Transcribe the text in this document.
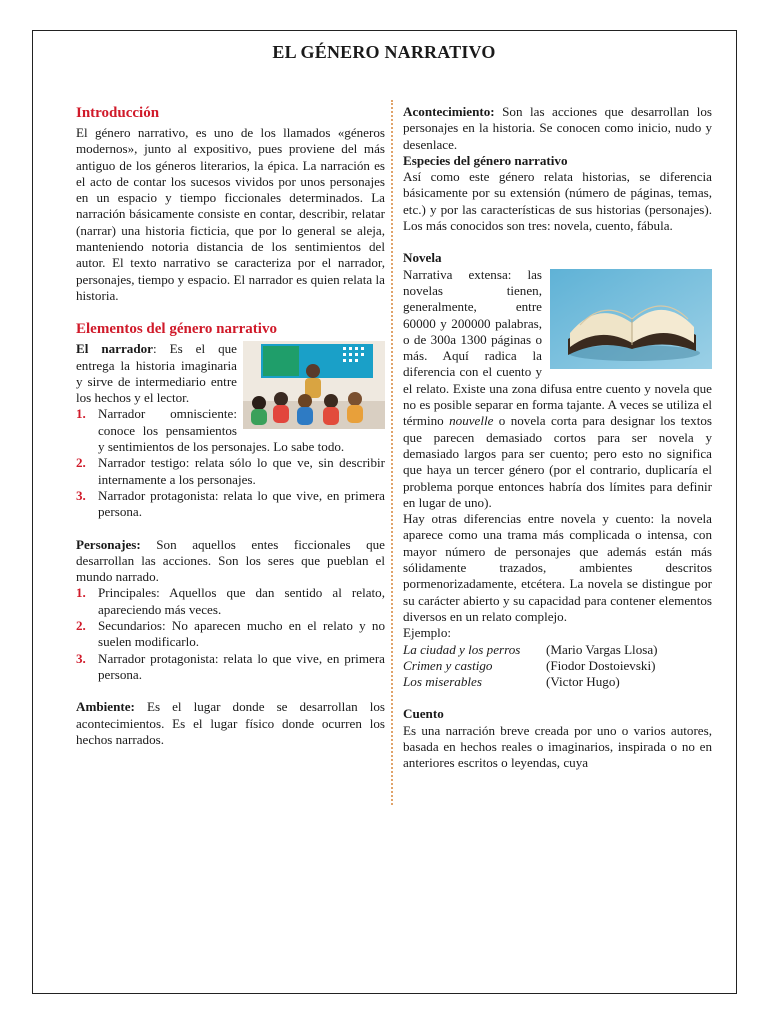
EL GÉNERO NARRATIVO
Introducción

El género narrativo, es uno de los llamados «géneros modernos», junto al expositivo, pues proviene del más antiguo de los géneros literarios, la épica. La narración es el acto de contar los sucesos vividos por unos personajes en un espacio y tiempo ficcionales determinados. La narración básicamente consiste en contar, describir, relatar (narrar) una historia ficticia, que por lo general se aleja, manteniendo notoria distancia de los sentimientos del autor. El texto narrativo se caracteriza por el narrador, personajes, tiempo y espacio. El narrador es quien relata la historia.

Elementos del género narrativo

El narrador: Es el que entrega la historia imaginaria y sirve de intermediario entre los hechos y el lector.

1. Narrador omnisciente: conoce los pensamientos y sentimientos de los personajes. Lo sabe todo.
2. Narrador testigo: relata sólo lo que ve, sin describir internamente a los personajes.
3. Narrador protagonista: relata lo que vive, en primera persona.

Personajes: Son aquellos entes ficcionales que desarrollan las acciones. Son los seres que pueblan el mundo narrado.

1. Principales: Aquellos que dan sentido al relato, apareciendo más veces.
2. Secundarios: No aparecen mucho en el relato y no suelen modificarlo.
3. Narrador protagonista: relata lo que vive, en primera persona.

Ambiente: Es el lugar donde se desarrollan los acontecimientos. Es el lugar físico donde ocurren los hechos narrados.

Acontecimiento: Son las acciones que desarrollan los personajes en la historia. Se conocen como inicio, nudo y desenlace.

Especies del género narrativo

Así como este género relata historias, se diferencia básicamente por su extensión (número de páginas, temas, etc.) y por las características de sus historias (personajes). Los más conocidos son tres: novela, cuento, fábula.

Novela

Narrativa extensa: las novelas tienen, generalmente, entre 60000 y 200000 palabras, o de 300a 1300 páginas o más. Aquí radica la diferencia con el cuento y el relato. Existe una zona difusa entre cuento y novela que no es posible separar en forma tajante. A veces se utiliza el término nouvelle o novela corta para designar los textos que parecen demasiado cortos para ser novela y demasiado largos para ser cuento; pero esto no significa que haya un tercer género (por el contrario, duplicaría el problema porque entonces habría dos límites para definir en lugar de uno).

Hay otras diferencias entre novela y cuento: la novela aparece como una trama más complicada o intensa, con mayor número de personajes que además están más sólidamente trazados, ambientes descritos pormenorizadamente, etcétera. La novela se distingue por su carácter abierto y su capacidad para contener elementos diversos en un relato complejo.

Ejemplo:

La ciudad y los perros	(Mario Vargas Llosa)
Crimen y castigo	(Fiodor Dostoievski)
Los miserables	(Victor Hugo)
Cuento

Es una narración breve creada por uno o varios autores, basada en hechos reales o imaginarios, inspirada o no en anteriores escritos o leyendas, cuya
